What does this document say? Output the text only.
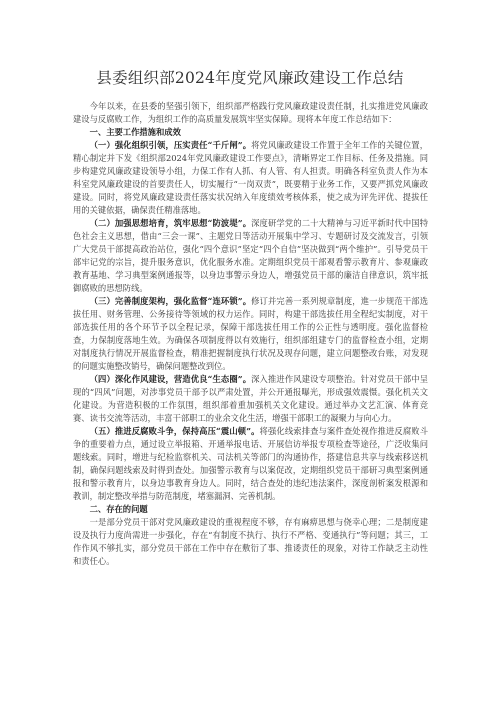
县委组织部2024年度党风廉政建设工作总结

今年以来，在县委的坚强引领下，组织部严格践行党风廉政建设责任制，扎实推进党风廉政建设与反腐败工作，为组织工作的高质量发展筑牢坚实保障。现将本年度工作总结如下：

一、主要工作措施和成效

（一）强化组织引领，压实责任“千斤闸”。将党风廉政建设工作置于全年工作的关键位置，精心制定并下发《组织部2024年党风廉政建设工作要点》，清晰界定工作目标、任务及措施。同步构建党风廉政建设领导小组，力保工作有人抓、有人管、有人担责。明确各科室负责人作为本科室党风廉政建设的首要责任人，切实履行“一岗双责”，既要精于业务工作，又要严抓党风廉政建设。同时，将党风廉政建设责任落实状况纳入年度绩效考核体系，使之成为评先评优、提拔任用的关键依据，确保责任精准落地。

（二）加强思想培育，筑牢思想“防波堤”。深度研学党的二十大精神与习近平新时代中国特色社会主义思想，借由“三会一课”、主题党日等活动开展集中学习、专题研讨及交流发言，引领广大党员干部提高政治站位，强化“四个意识”坚定“四个自信”坚决做到“两个维护”。引导党员干部牢记党的宗旨，提升服务意识，优化服务水准。定期组织党员干部观看警示教育片、参观廉政教育基地、学习典型案例通报等，以身边事警示身边人，增强党员干部的廉洁自律意识，筑牢抵御腐败的思想防线。

（三）完善制度架构，强化监督“连环锁”。修订并完善一系列规章制度，進一步规范干部选拔任用、财务管理、公务接待等领域的权力运作。同时，构建干部选拔任用全程纪实制度，对干部选拔任用的各个环节予以全程记录，保障干部选拔任用工作的公正性与透明度。强化监督检查，力保制度落地生效。为确保各项制度得以有效施行，组织部组建专门的监督检查小组，定期对制度执行情况开展监督检查，精准把握制度执行状况及现存问题，建立问题整改台账，对发现的问题实施整改销号，确保问题整改到位。

（四）深化作风建设，营造优良“生态圈”。深入推进作风建设专项整治。针对党员干部中呈现的“四风”问题，对涉事党员干部予以严肃处置，并公开通报曝光，形成强效震慑。强化机关文化建设。为营造积极的工作氛围，组织部着重加强机关文化建设。通过举办文艺汇演、体育竞赛、读书交流等活动，丰富干部职工的业余文化生活，增强干部职工的凝聚力与向心力。

（五）推进反腐败斗争，保持高压“震山顿”。将强化线索排查与案件查处视作推进反腐败斗争的重要着力点，通过设立举报箱、开通举报电话、开展信访举报专项检查等途径，广泛收集问题线索。同时，增进与纪检监察机关、司法机关等部门的沟通协作，搭建信息共享与线索移送机制，确保问题线索及时得到查处。加强警示教育与以案促改，定期组织党员干部研习典型案例通报和警示教育片，以身边事教育身边人。同时，结合查处的违纪违法案件，深度剖析案发根源和教训，制定整改举措与防范制度，堵塞漏洞、完善机制。

二、存在的问题

一是部分党员干部对党风廉政建设的重视程度不够，存有麻痹思想与侥幸心理；二是制度建设及执行力度尚需进一步强化，存在“有制度不执行、执行不严格、变通执行”等问题；其三，工作作风不够扎实，部分党员干部在工作中存在敷衍了事、推诿责任的现象，对待工作缺乏主动性和责任心。
